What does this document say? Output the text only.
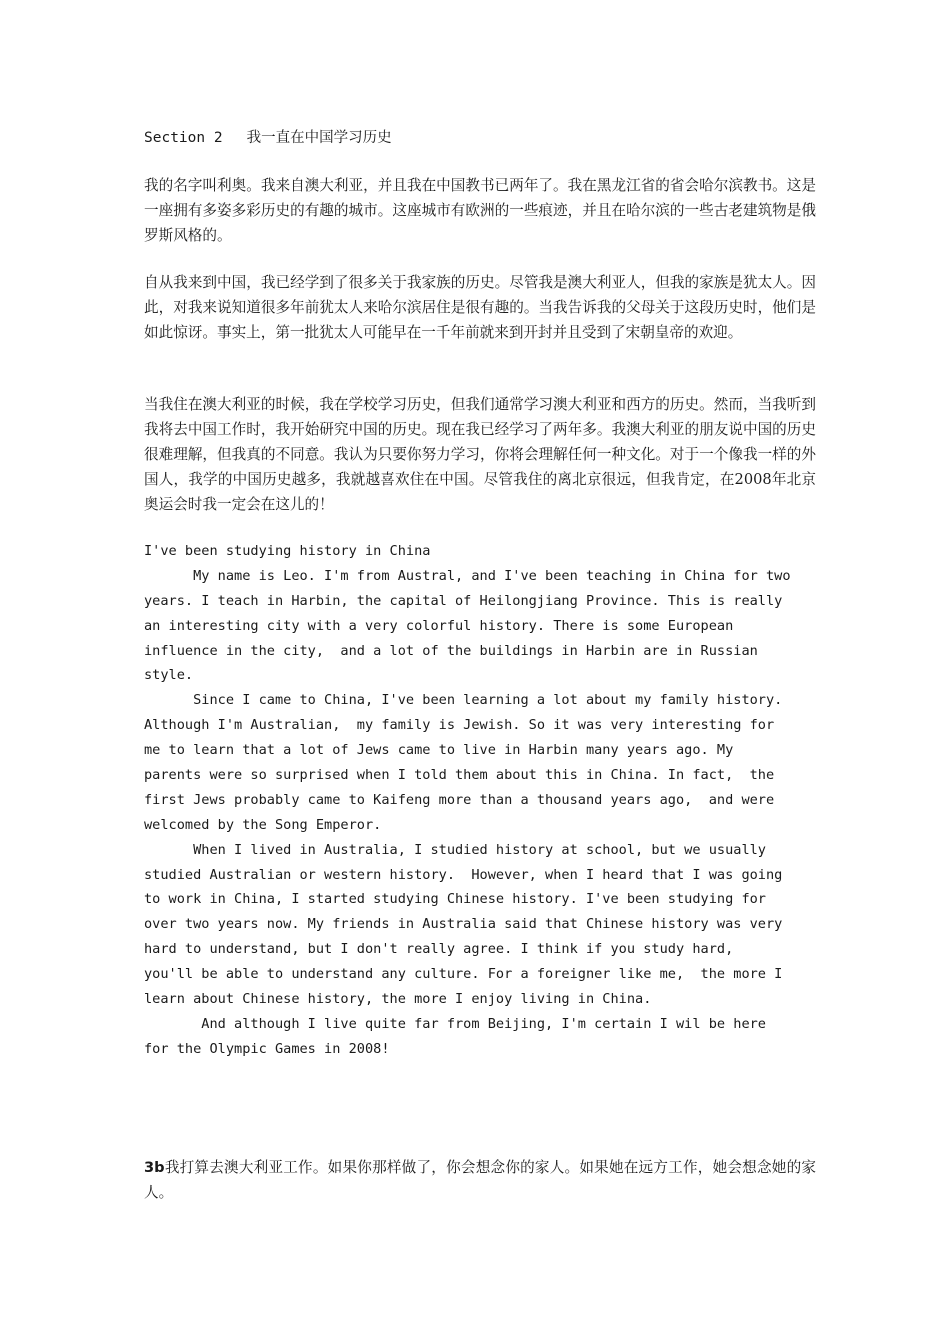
Section 2 我一直在中国学习历史
我的名字叫利奥。我来自澳大利亚，并且我在中国教书已两年了。我在黑龙江省的省会哈尔滨教书。这是一座拥有多姿多彩历史的有趣的城市。这座城市有欧洲的一些痕迹，并且在哈尔滨的一些古老建筑物是俄罗斯风格的。
自从我来到中国，我已经学到了很多关于我家族的历史。尽管我是澳大利亚人，但我的家族是犹太人。因此，对我来说知道很多年前犹太人来哈尔滨居住是很有趣的。当我告诉我的父母关于这段历史时，他们是如此惊讶。事实上，第一批犹太人可能早在一千年前就来到开封并且受到了宋朝皇帝的欢迎。
当我住在澳大利亚的时候，我在学校学习历史，但我们通常学习澳大利亚和西方的历史。然而，当我听到我将去中国工作时，我开始研究中国的历史。现在我已经学习了两年多。我澳大利亚的朋友说中国的历史很难理解，但我真的不同意。我认为只要你努力学习，你将会理解任何一种文化。对于一个像我一样的外国人，我学的中国历史越多，我就越喜欢住在中国。尽管我住的离北京很远，但我肯定，在2008年北京奥运会时我一定会在这儿的！
I've been studying history in China
My name is Leo. I'm from Austral, and I've been teaching in China for two
years. I teach in Harbin, the capital of Heilongjiang Province. This is really
an interesting city with a very colorful history. There is some European
influence in the city,  and a lot of the buildings in Harbin are in Russian
style.
Since I came to China, I've been learning a lot about my family history.
Although I'm Australian,  my family is Jewish. So it was very interesting for
me to learn that a lot of Jews came to live in Harbin many years ago. My
parents were so surprised when I told them about this in China. In fact,  the
first Jews probably came to Kaifeng more than a thousand years ago,  and were
welcomed by the Song Emperor.
When I lived in Australia, I studied history at school, but we usually
studied Australian or western history.  However, when I heard that I was going
to work in China, I started studying Chinese history. I've been studying for
over two years now. My friends in Australia said that Chinese history was very
hard to understand, but I don't really agree. I think if you study hard,
you'll be able to understand any culture. For a foreigner like me,  the more I
learn about Chinese history, the more I enjoy living in China.
And although I live quite far from Beijing, I'm certain I wil be here
for the Olympic Games in 2008!
3b我打算去澳大利亚工作。如果你那样做了，你会想念你的家人。如果她在远方工作，她会想念她的家人。
